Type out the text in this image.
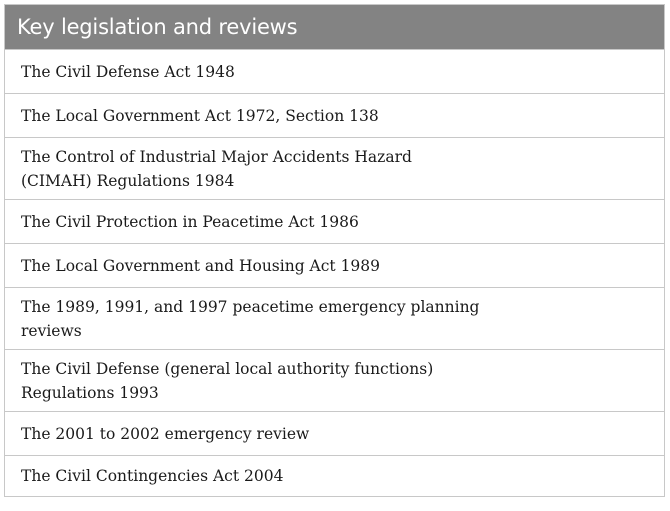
Key legislation and reviews
The Civil Defense Act 1948
The Local Government Act 1972, Section 138
The Control of Industrial Major Accidents Hazard (CIMAH) Regulations 1984
The Civil Protection in Peacetime Act 1986
The Local Government and Housing Act 1989
The 1989, 1991, and 1997 peacetime emergency planning reviews
The Civil Defense (general local authority functions) Regulations 1993
The 2001 to 2002 emergency review
The Civil Contingencies Act 2004
